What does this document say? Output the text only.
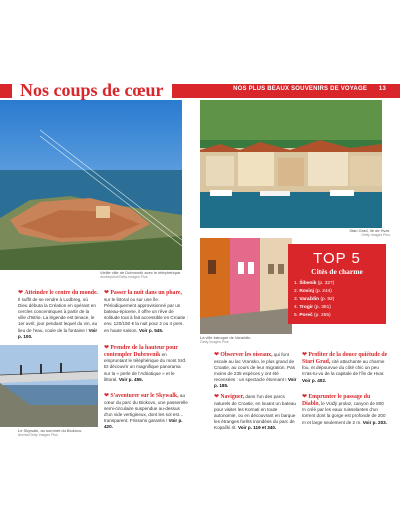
Nos coups de cœur	NOS PLUS BEAUX SOUVENIRS DE VOYAGE 13
Vieille ville de Dubrovnik avec le téléphérique.
donkeyshot/Getty Images Plus
Stari Grad, île de Hvar.
Getty Images Plus
La ville baroque de Varaždin.
Getty Images Plus
TOP 5
Cités de charme
1. Šibenik (p. 327)
2. Rovinj (p. 244)
3. Varaždin (p. 92)
4. Trogir (p. 381)
5. Poreč (p. 255)
❤ Atteindre le centre du monde. Il suffit de se rendre à Ludbreg, où Dieu débuta la Création en opérant en cercles concentriques à partir de la ville d'Istrie. La légende est tenace, le 1er avril, jour pendant lequel du vin, au lieu de l'eau, coule de la fontaine ! Voir p. 100.
❤ Passer la nuit dans un phare, sur le littoral ou sur une île. Périodiquement approvisionné par un bateau-épicerie, il offre un rêve de solitude tout à fait accessible en Croatie : env. 120/150 € la nuit pour 2 ou 4 pers. en haute saison. Voir p. 545.
Le Skywalk, au sommet du Biokovo.
iimmfa/Getty Images Plus
❤ Prendre de la hauteur pour contempler Dubrovnik en empruntant le téléphérique du mont Srđ. Et découvrir un magnifique panorama sur la « perle de l'Adriatique » et le littoral. Voir p. 455.
❤ S'aventurer sur le Skywalk, au cœur du parc du Biokovo, une passerelle semi-circulaire suspendue au-dessus d'un vide vertigineux, dont les sol est… transparent. Frissons garantis ! Voir p. 420.
❤ Observer les oiseaux, qui font escale au lac Vransko, le plus grand de Croatie, au cours de leur migration. Pas moins de 235 espèces y ont été recensées : un spectacle étonnant ! Voir p. 185.
❤ Naviguer, dans l'un des parcs naturels de Croatie, en louant un bateau pour visiter les Kornati en toute autonomie, ou en découvrant en barque les étranges forêts inondées du parc de Kopački rit. Voir p. 119 et 340.
❤ Profiter de la douce quiétude de Stari Grad, cité attachante au charme fou, et dépourvue du côté chic un peu m'as-tu-vu de la capitale de l'île de Hvar. Voir p. 402.
❤ Emprunter le passage du Diablo, le Vražji prolaz, canyon de 800 m créé par les eaux ruisselantes d'un torrent dont la gorge est profonde de 200 m et large seulement de 2 m. Voir p. 203.
